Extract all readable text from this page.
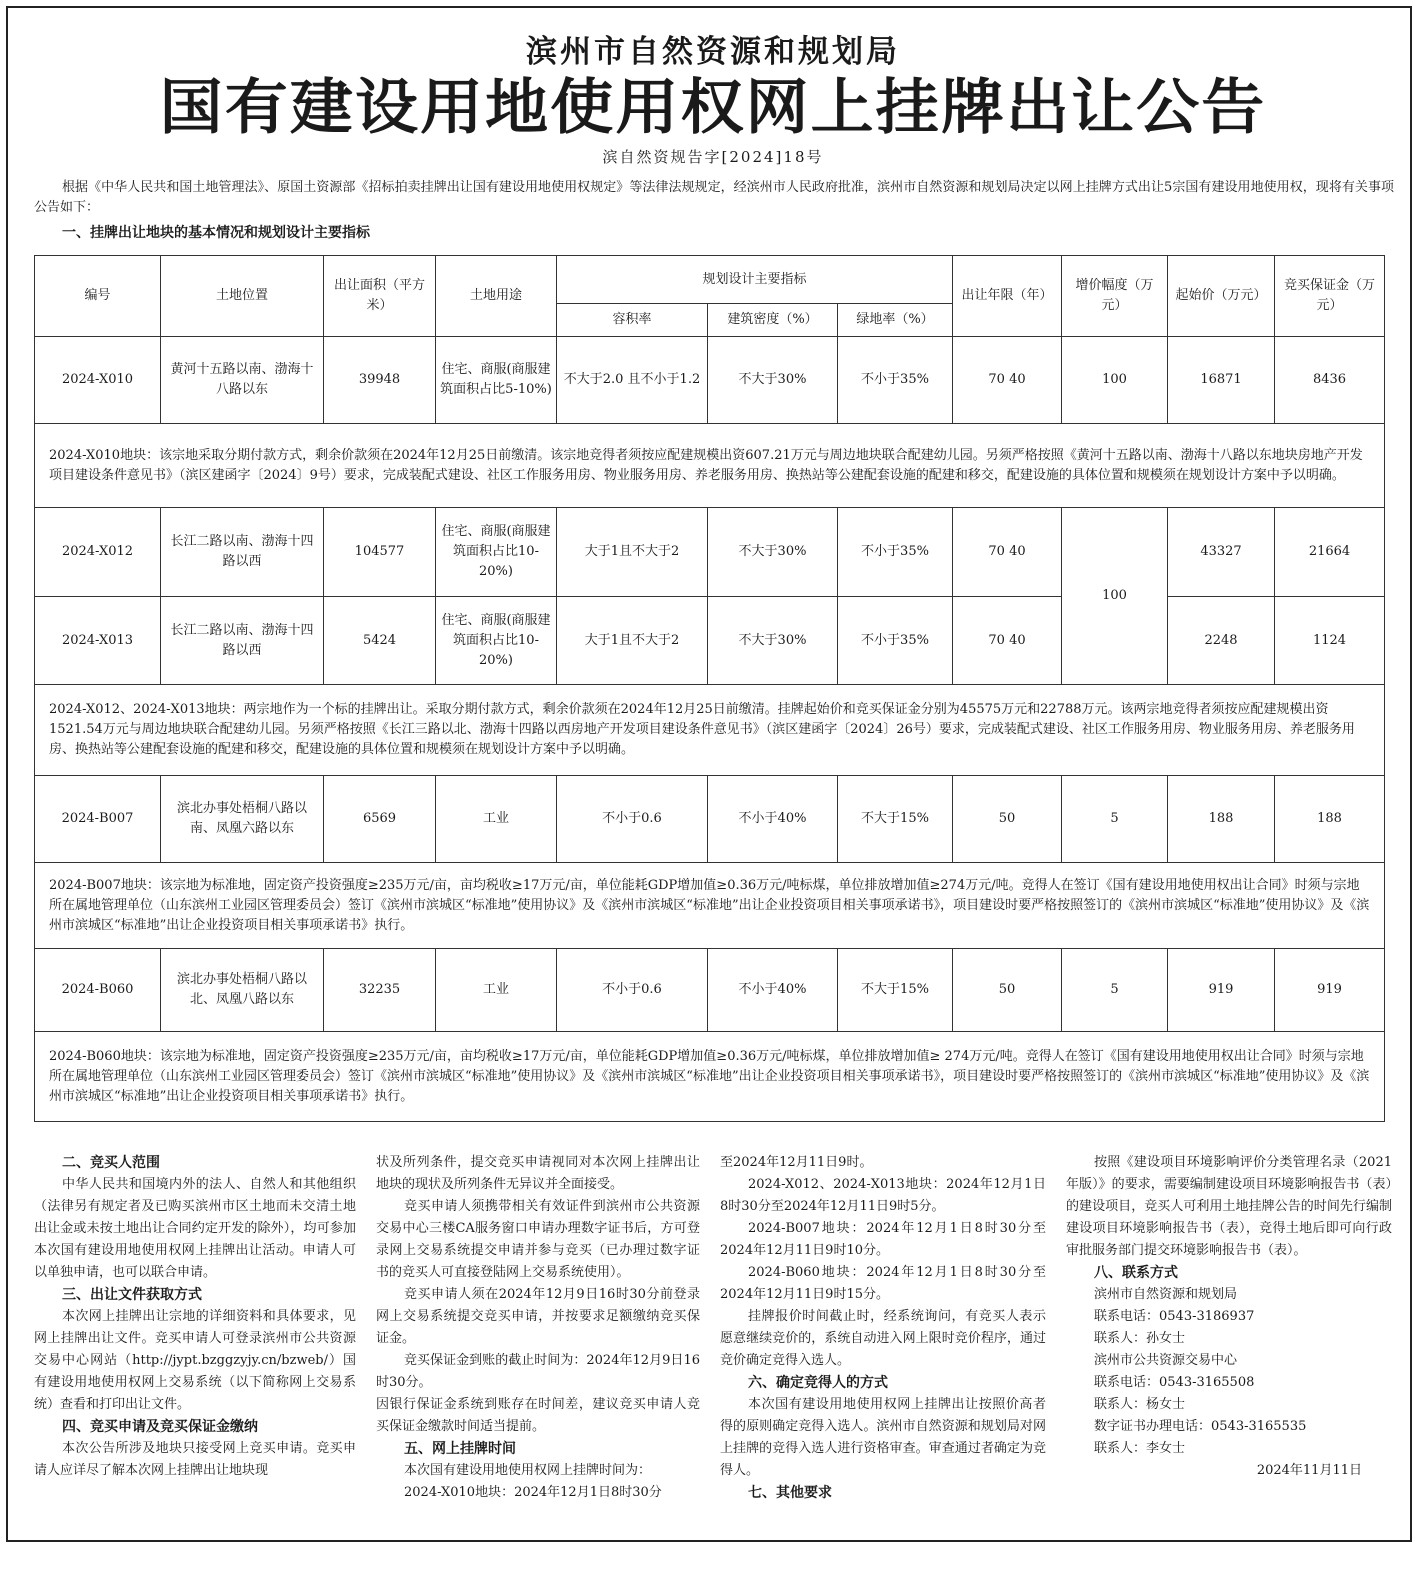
滨州市自然资源和规划局
国有建设用地使用权网上挂牌出让公告
滨自然资规告字[2024]18号
根据《中华人民共和国土地管理法》、原国土资源部《招标拍卖挂牌出让国有建设用地使用权规定》等法律法规规定，经滨州市人民政府批准，滨州市自然资源和规划局决定以网上挂牌方式出让5宗国有建设用地使用权，现将有关事项公告如下：
一、挂牌出让地块的基本情况和规划设计主要指标
编号	土地位置	出让面积（平方米）	土地用途	规划设计主要指标			出让年限（年）	增价幅度（万元）	起始价（万元）	竞买保证金（万元）
				容积率	建筑密度（%）	绿地率（%）				
2024-X010	黄河十五路以南、渤海十八路以东	39948	住宅、商服(商服建筑面积占比5-10%)	不大于2.0 且不小于1.2	不大于30%	不小于35%	70 40	100	16871	8436
2024-X010地块：该宗地采取分期付款方式，剩余价款须在2024年12月25日前缴清。该宗地竞得者须按应配建规模出资607.21万元与周边地块联合配建幼儿园。另须严格按照《黄河十五路以南、渤海十八路以东地块房地产开发项目建设条件意见书》（滨区建函字〔2024〕9号）要求，完成装配式建设、社区工作服务用房、物业服务用房、养老服务用房、换热站等公建配套设施的配建和移交，配建设施的具体位置和规模须在规划设计方案中予以明确。										
2024-X012	长江二路以南、渤海十四路以西	104577	住宅、商服(商服建筑面积占比10-20%)	大于1且不大于2	不大于30%	不小于35%	70 40	100	43327	21664
2024-X013	长江二路以南、渤海十四路以西	5424	住宅、商服(商服建筑面积占比10-20%)	大于1且不大于2	不大于30%	不小于35%	70 40		2248	1124
2024-X012、2024-X013地块：两宗地作为一个标的挂牌出让。采取分期付款方式，剩余价款须在2024年12月25日前缴清。挂牌起始价和竞买保证金分别为45575万元和22788万元。该两宗地竞得者须按应配建规模出资1521.54万元与周边地块联合配建幼儿园。另须严格按照《长江三路以北、渤海十四路以西房地产开发项目建设条件意见书》（滨区建函字〔2024〕26号）要求，完成装配式建设、社区工作服务用房、物业服务用房、养老服务用房、换热站等公建配套设施的配建和移交，配建设施的具体位置和规模须在规划设计方案中予以明确。										
2024-B007	滨北办事处梧桐八路以南、凤凰六路以东	6569	工业	不小于0.6	不小于40%	不大于15%	50	5	188	188
2024-B007地块：该宗地为标准地，固定资产投资强度≥235万元/亩，亩均税收≥17万元/亩，单位能耗GDP增加值≥0.36万元/吨标煤，单位排放增加值≥274万元/吨。竞得人在签订《国有建设用地使用权出让合同》时须与宗地所在属地管理单位（山东滨州工业园区管理委员会）签订《滨州市滨城区“标准地”使用协议》及《滨州市滨城区“标准地”出让企业投资项目相关事项承诺书》，项目建设时要严格按照签订的《滨州市滨城区“标准地”使用协议》及《滨州市滨城区“标准地”出让企业投资项目相关事项承诺书》执行。										
2024-B060	滨北办事处梧桐八路以北、凤凰八路以东	32235	工业	不小于0.6	不小于40%	不大于15%	50	5	919	919
2024-B060地块：该宗地为标准地，固定资产投资强度≥235万元/亩，亩均税收≥17万元/亩，单位能耗GDP增加值≥0.36万元/吨标煤，单位排放增加值≥ 274万元/吨。竞得人在签订《国有建设用地使用权出让合同》时须与宗地所在属地管理单位（山东滨州工业园区管理委员会）签订《滨州市滨城区“标准地”使用协议》及《滨州市滨城区“标准地”出让企业投资项目相关事项承诺书》，项目建设时要严格按照签订的《滨州市滨城区“标准地”使用协议》及《滨州市滨城区“标准地”出让企业投资项目相关事项承诺书》执行。										
二、竞买人范围

中华人民共和国境内外的法人、自然人和其他组织（法律另有规定者及已购买滨州市区土地而未交清土地出让金或未按土地出让合同约定开发的除外），均可参加本次国有建设用地使用权网上挂牌出让活动。申请人可以单独申请，也可以联合申请。

三、出让文件获取方式

本次网上挂牌出让宗地的详细资料和具体要求，见网上挂牌出让文件。竞买申请人可登录滨州市公共资源交易中心网站（http://jypt.bzggzyjy.cn/bzweb/）国有建设用地使用权网上交易系统（以下简称网上交易系统）查看和打印出让文件。

四、竞买申请及竞买保证金缴纳

本次公告所涉及地块只接受网上竞买申请。竞买申请人应详尽了解本次网上挂牌出让地块现

状及所列条件，提交竞买申请视同对本次网上挂牌出让地块的现状及所列条件无异议并全面接受。

竞买申请人须携带相关有效证件到滨州市公共资源交易中心三楼CA服务窗口申请办理数字证书后，方可登录网上交易系统提交申请并参与竞买（已办理过数字证书的竞买人可直接登陆网上交易系统使用）。

竞买申请人须在2024年12月9日16时30分前登录网上交易系统提交竞买申请，并按要求足额缴纳竞买保证金。

竞买保证金到账的截止时间为：2024年12月9日16时30分。

因银行保证金系统到账存在时间差，建议竞买申请人竞买保证金缴款时间适当提前。

五、网上挂牌时间

本次国有建设用地使用权网上挂牌时间为：

2024-X010地块：2024年12月1日8时30分

至2024年12月11日9时。

2024-X012、2024-X013地块：2024年12月1日8时30分至2024年12月11日9时5分。

2024-B007地块：2024年12月1日8时30分至2024年12月11日9时10分。

2024-B060地块：2024年12月1日8时30分至2024年12月11日9时15分。

挂牌报价时间截止时，经系统询问，有竞买人表示愿意继续竞价的，系统自动进入网上限时竞价程序，通过竞价确定竞得入选人。

六、确定竞得人的方式

本次国有建设用地使用权网上挂牌出让按照价高者得的原则确定竞得入选人。滨州市自然资源和规划局对网上挂牌的竞得入选人进行资格审查。审查通过者确定为竞得人。

七、其他要求

按照《建设项目环境影响评价分类管理名录（2021年版）》的要求，需要编制建设项目环境影响报告书（表）的建设项目，竞买人可利用土地挂牌公告的时间先行编制建设项目环境影响报告书（表），竞得土地后即可向行政审批服务部门提交环境影响报告书（表）。

八、联系方式

滨州市自然资源和规划局

联系电话：0543-3186937

联系人：孙女士

滨州市公共资源交易中心

联系电话：0543-3165508

联系人：杨女士

数字证书办理电话：0543-3165535

联系人：李女士

2024年11月11日
